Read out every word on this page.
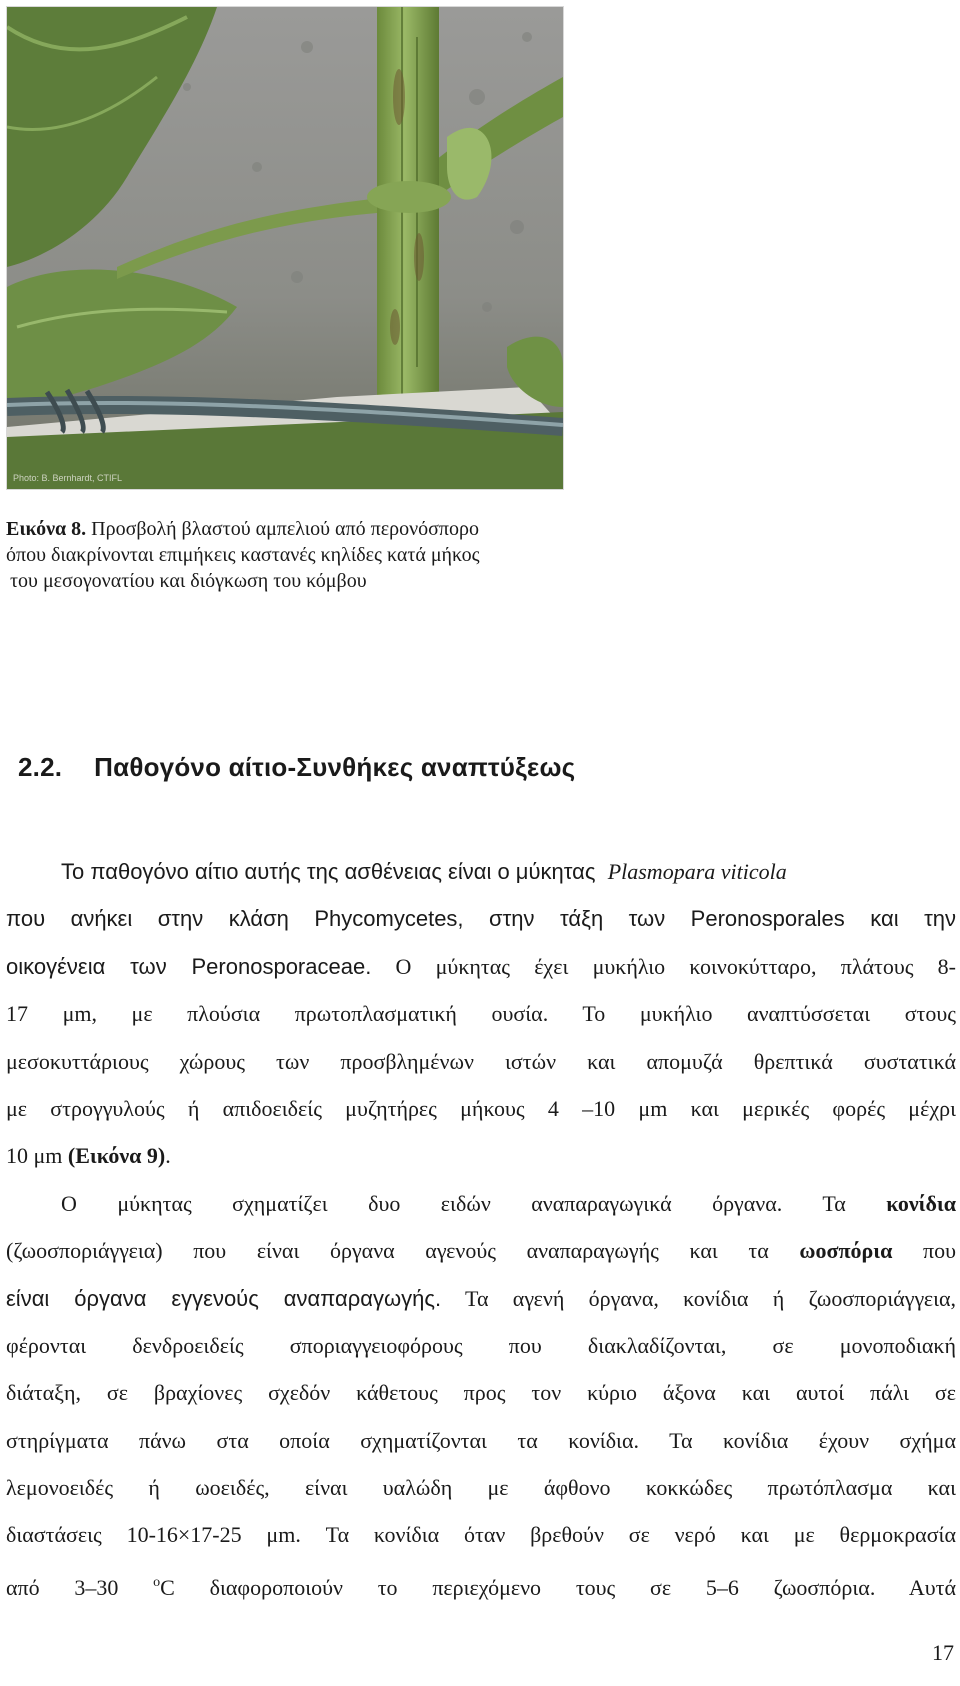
Photo: B. Bernhardt, CTIFL
Εικόνα 8. Προσβολή βλαστού αμπελιού από περονόσπορο
όπου διακρίνονται επιμήκεις καστανές κηλίδες κατά μήκος
του μεσογονατίου και διόγκωση του κόμβου
2.2. Παθογόνο αίτιο-Συνθήκες αναπτύξεως
Το παθογόνο αίτιο αυτής της ασθένειας είναι ο μύκητας Plasmopara viticola
που ανήκει στην κλάση Phycomycetes, στην τάξη των Peronosporales και την
οικογένεια των Peronosporaceae. Ο μύκητας έχει μυκήλιο κοινοκύτταρο, πλάτους 8-
17 μm, με πλούσια πρωτοπλασματική ουσία. Το μυκήλιο αναπτύσσεται στους
μεσοκυττάριους χώρους των προσβλημένων ιστών και απομυζά θρεπτικά συστατικά
με στρογγυλούς ή απιδοειδείς μυζητήρες μήκους 4 –10 μm και μερικές φορές μέχρι
10 μm (Εικόνα 9).
Ο μύκητας σχηματίζει δυο ειδών αναπαραγωγικά όργανα. Τα κονίδια
(ζωοσποριάγγεια) που είναι όργανα αγενούς αναπαραγωγής και τα ωοσπόρια που
είναι όργανα εγγενούς αναπαραγωγής. Τα αγενή όργανα, κονίδια ή ζωοσποριάγγεια,
φέρονται δενδροειδείς σποριαγγειοφόρους που διακλαδίζονται, σε μονοποδιακή
διάταξη, σε βραχίονες σχεδόν κάθετους προς τον κύριο άξονα και αυτοί πάλι σε
στηρίγματα πάνω στα οποία σχηματίζονται τα κονίδια. Τα κονίδια έχουν σχήμα
λεμονοειδές ή ωοειδές, είναι υαλώδη με άφθονο κοκκώδες πρωτόπλασμα και
διαστάσεις 10-16×17-25 μm. Τα κονίδια όταν βρεθούν σε νερό και με θερμοκρασία
από 3–30 $^o$C διαφοροποιούν το περιεχόμενο τους σε 5–6 ζωοσπόρια. Αυτά
17
